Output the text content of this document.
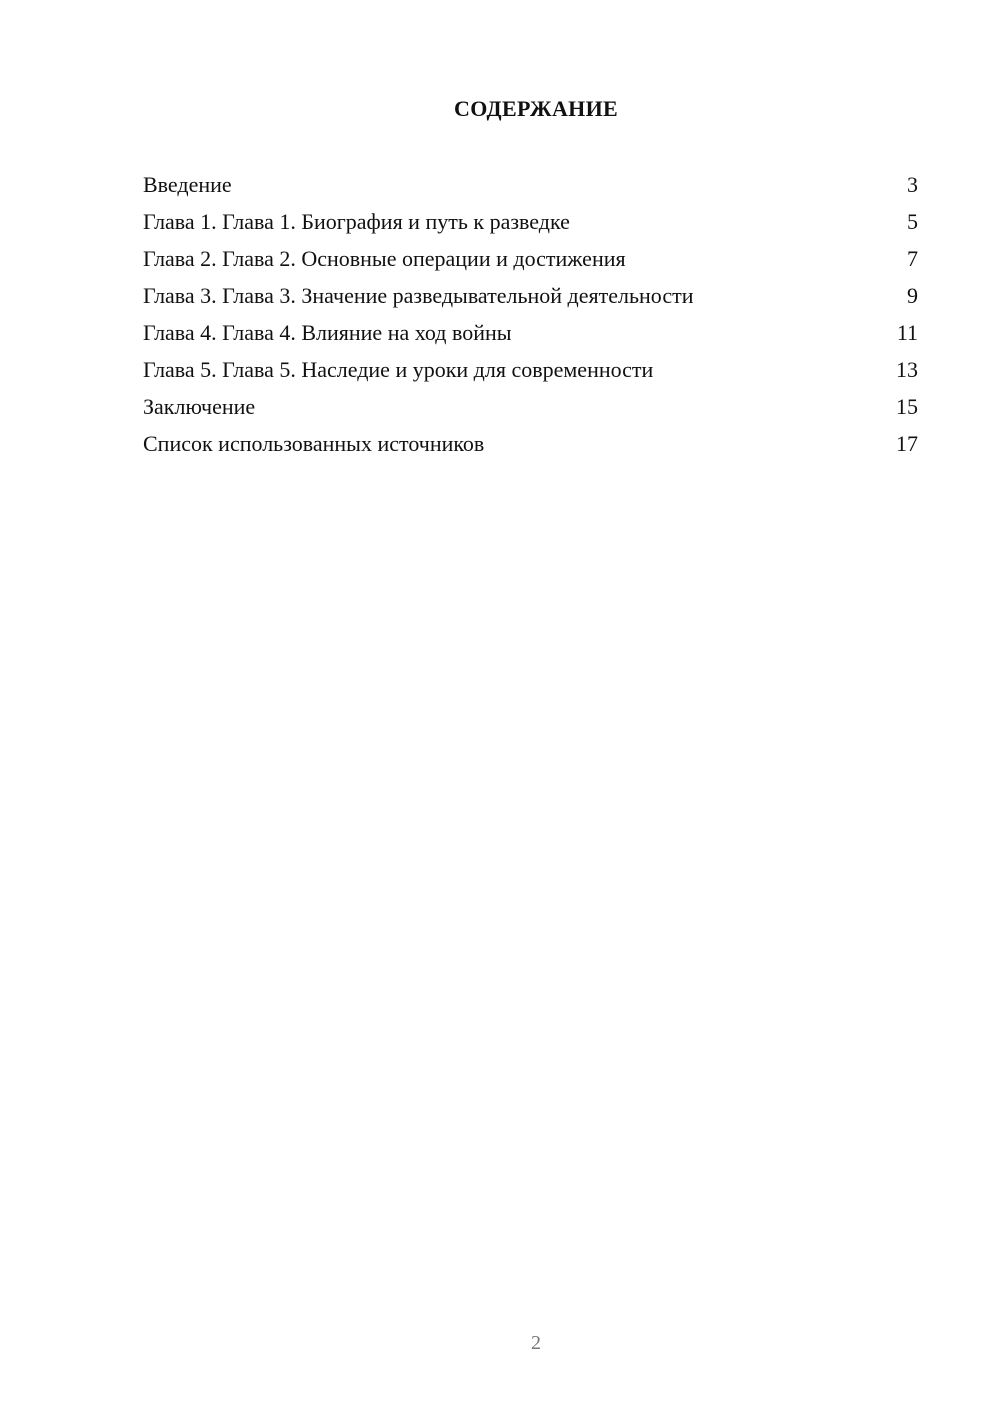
СОДЕРЖАНИЕ
Введение	3
Глава 1. Глава 1. Биография и путь к разведке	5
Глава 2. Глава 2. Основные операции и достижения	7
Глава 3. Глава 3. Значение разведывательной деятельности	9
Глава 4. Глава 4. Влияние на ход войны	11
Глава 5. Глава 5. Наследие и уроки для современности	13
Заключение	15
Список использованных источников	17
2
